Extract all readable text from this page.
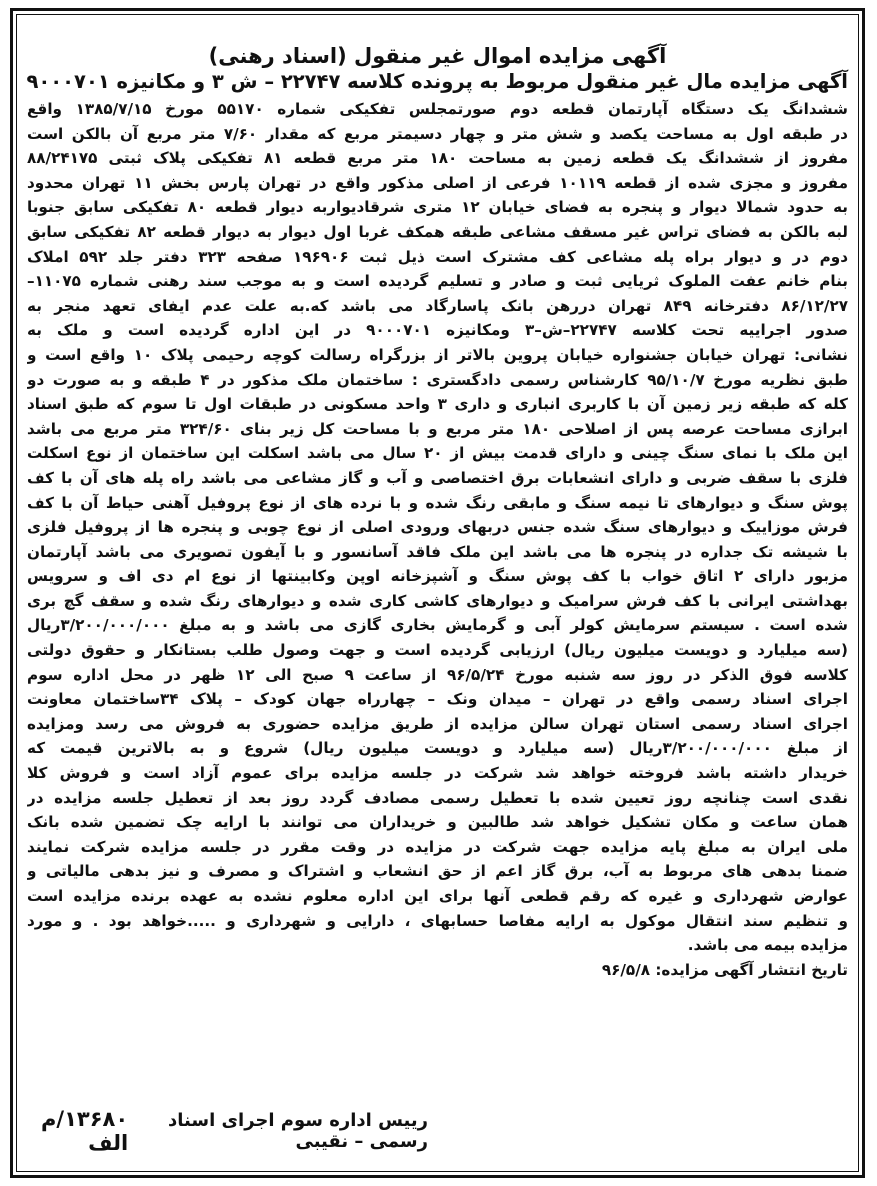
آگهی مزایده اموال غیر منقول (اسناد رهنی)

آگهی مزایده مال غیر منقول مربوط به پرونده کلاسه ۲۲۷۴۷ – ش ۳ و مکانیزه ۹۰۰۰۷۰۱

ششدانگ یک دستگاه آپارتمان قطعه دوم صورتمجلس تفکیکی شماره ۵۵۱۷۰ مورخ ۱۳۸۵/۷/۱۵ واقع
در طبقه اول به مساحت یکصد و شش متر و چهار دسیمتر مربع که مقدار ۷/۶۰ متر مربع آن بالکن است
مفروز از ششدانگ یک قطعه زمین به مساحت ۱۸۰ متر مربع قطعه ۸۱ تفکیکی پلاک ثبتی ۸۸/۲۴۱۷۵
مفروز و مجزی شده از قطعه ۱۰۱۱۹ فرعی از اصلی مذکور واقع در تهران پارس بخش ۱۱ تهران محدود
به حدود شمالا دیوار و پنجره به فضای خیابان ۱۲ متری شرقادیواربه دیوار قطعه ۸۰ تفکیکی سابق جنوبا
لبه بالکن به فضای تراس غیر مسقف مشاعی طبقه همکف غربا اول دیوار به دیوار قطعه ۸۲ تفکیکی سابق
دوم در و دیوار براه پله مشاعی کف مشترک است ذیل ثبت ۱۹۶۹۰۶ صفحه ۳۲۳ دفتر جلد ۵۹۲ املاک
بنام خانم عفت الملوک ثریایی ثبت و صادر و تسلیم گردیده است و به موجب سند رهنی شماره ۱۱۰۷۵–
۸۶/۱۲/۲۷ دفترخانه ۸۴۹ تهران دررهن بانک پاسارگاد می باشد که.به علت عدم ایفای تعهد منجر به
صدور اجراییه تحت کلاسه ۲۲۷۴۷–ش–۳ ومکانیزه ۹۰۰۰۷۰۱ در این اداره گردیده است و ملک به
نشانی: تهران خیابان جشنواره خیابان پروین بالاتر از بزرگراه رسالت کوچه رحیمی پلاک ۱۰ واقع است و
طبق نظریه مورخ ۹۵/۱۰/۷ کارشناس رسمی دادگستری : ساختمان ملک مذکور در ۴ طبقه و به صورت دو
کله که طبقه زیر زمین آن با کاربری انباری و داری ۳ واحد مسکونی در طبقات اول تا سوم که طبق اسناد
ابرازی مساحت عرصه پس از اصلاحی ۱۸۰ متر مربع و با مساحت کل زیر بنای ۳۲۴/۶۰ متر مربع می باشد
این ملک با نمای سنگ چینی و دارای قدمت بیش از ۲۰ سال می باشد اسکلت این ساختمان از نوع اسکلت
فلزی با سقف ضربی و دارای انشعابات برق اختصاصی و آب و گاز مشاعی می باشد راه پله های آن با کف
پوش سنگ و دیوارهای تا نیمه سنگ و مابقی رنگ شده و با نرده های از نوع پروفیل آهنی حیاط آن با کف
فرش موزاییک و دیوارهای سنگ شده جنس دربهای ورودی اصلی از نوع چوبی و پنجره ها از پروفیل فلزی
با شیشه تک جداره در پنجره ها می باشد این ملک فاقد آسانسور و با آیفون تصویری می باشد آپارتمان
مزبور دارای ۲ اتاق خواب با کف پوش سنگ و آشپزخانه اوپن وکابینتها از نوع ام دی اف و سرویس
بهداشتی ایرانی با کف فرش سرامیک و دیوارهای کاشی کاری شده و دیوارهای رنگ شده و سقف گچ بری
شده است . سیستم سرمایش کولر آبی و گرمایش بخاری گازی می باشد و به مبلغ ۳/۲۰۰/۰۰۰/۰۰۰ریال
(سه میلیارد و دویست میلیون ریال) ارزیابی گردیده است و جهت وصول طلب بستانکار و حقوق دولتی
کلاسه فوق الذکر در روز سه شنبه مورخ ۹۶/۵/۲۴ از ساعت ۹ صبح الی ۱۲ ظهر در محل اداره سوم
اجرای اسناد رسمی واقع در تهران – میدان ونک – چهارراه جهان کودک – پلاک ۳۴ساختمان معاونت
اجرای اسناد رسمی استان تهران سالن مزایده از طریق مزایده حضوری به فروش می رسد ومزایده
از مبلغ ۳/۲۰۰/۰۰۰/۰۰۰ریال (سه میلیارد و دویست میلیون ریال) شروع و به بالاترین قیمت که
خریدار داشته باشد فروخته خواهد شد شرکت در جلسه مزایده برای عموم آزاد است و فروش کلا
نقدی است چنانچه روز تعیین شده با تعطیل رسمی مصادف گردد روز بعد از تعطیل جلسه مزایده در
همان ساعت و مکان تشکیل خواهد شد طالبین و خریداران می توانند با ارایه چک تضمین شده بانک
ملی ایران به مبلغ پایه مزایده جهت شرکت در مزایده در وقت مقرر در جلسه مزایده شرکت نمایند
ضمنا بدهی های مربوط به آب، برق گاز اعم از حق انشعاب و اشتراک و مصرف و نیز بدهی مالیاتی و
عوارض شهرداری و غیره که رقم قطعی آنها برای این اداره معلوم نشده به عهده برنده مزایده است
و تنظیم سند انتقال موکول به ارایه مفاصا حسابهای ، دارایی و شهرداری و .....خواهد بود . و مورد
مزایده بیمه می باشد.

تاریخ انتشار آگهی مزایده: ۹۶/۵/۸

رییس اداره سوم اجرای اسناد رسمی – نقیبی
۱۳۶۸۰/م الف
